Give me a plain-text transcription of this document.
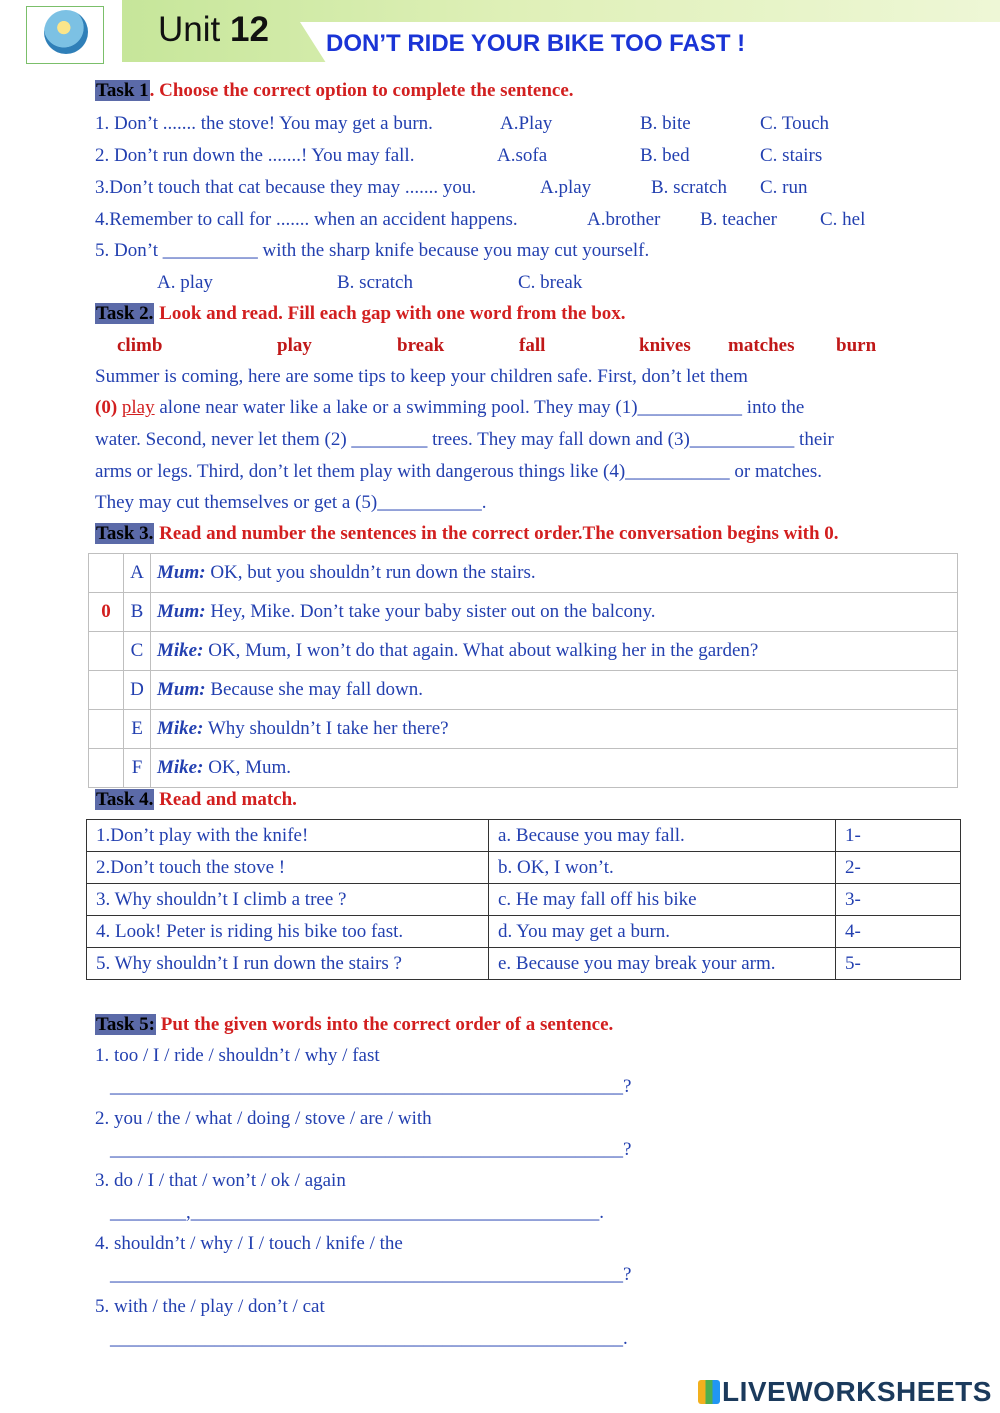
Unit 12 DON’T RIDE YOUR BIKE TOO FAST !
Task 1. Choose the correct option to complete the sentence.
1. Don’t ....... the stove! You may get a burn.	A.Play	B. bite	C. Touch
2. Don’t run down the .......! You may fall.	A.sofa	B. bed	C. stairs
3.Don’t touch that cat because they may ....... you.	A.play	B. scratch C. run
4.Remember to call for ....... when an accident happens.	A.brother B. teacher C. hel
5. Don’t __________ with the sharp knife because you may cut yourself.
A. play	B. scratch	C. break
Task 2. Look and read. Fill each gap with one word from the box.
climb	play	break	fall	knives matches burn
Summer is coming, here are some tips to keep your children safe. First, don’t let them
(0) play alone near water like a lake or a swimming pool. They may (1)___________ into the
water. Second, never let them (2) ________ trees. They may fall down and (3)___________ their
arms or legs. Third, don’t let them play with dangerous things like (4)___________ or matches.
They may cut themselves or get a (5)___________.
Task 3. Read and number the sentences in the correct order.The conversation begins with 0.
	A	Mum: OK, but you shouldn’t run down the stairs.
0	B	Mum: Hey, Mike. Don’t take your baby sister out on the balcony.
	C	Mike: OK, Mum, I won’t do that again. What about walking her in the garden?
	D	Mum: Because she may fall down.
	E	Mike: Why shouldn’t I take her there?
	F	Mike: OK, Mum.
Task 4. Read and match.
1.Don’t play with the knife!	a. Because you may fall.	1-
2.Don’t touch the stove !	b. OK, I won’t.	2-
3. Why shouldn’t I climb a tree ?	c. He may fall off his bike	3-
4. Look! Peter is riding his bike too fast.	d. You may get a burn.	4-
5. Why shouldn’t I run down the stairs ?	e. Because you may break your arm.	5-
Task 5: Put the given words into the correct order of a sentence.
1. too / I / ride / shouldn’t / why / fast
______________________________________________________?
2. you / the / what / doing / stove / are / with
______________________________________________________?
3. do / I / that / won’t / ok / again
________,___________________________________________.
4. shouldn’t / why / I / touch / knife / the
______________________________________________________?
5. with / the / play / don’t / cat
______________________________________________________.
LIVEWORKSHEETS
